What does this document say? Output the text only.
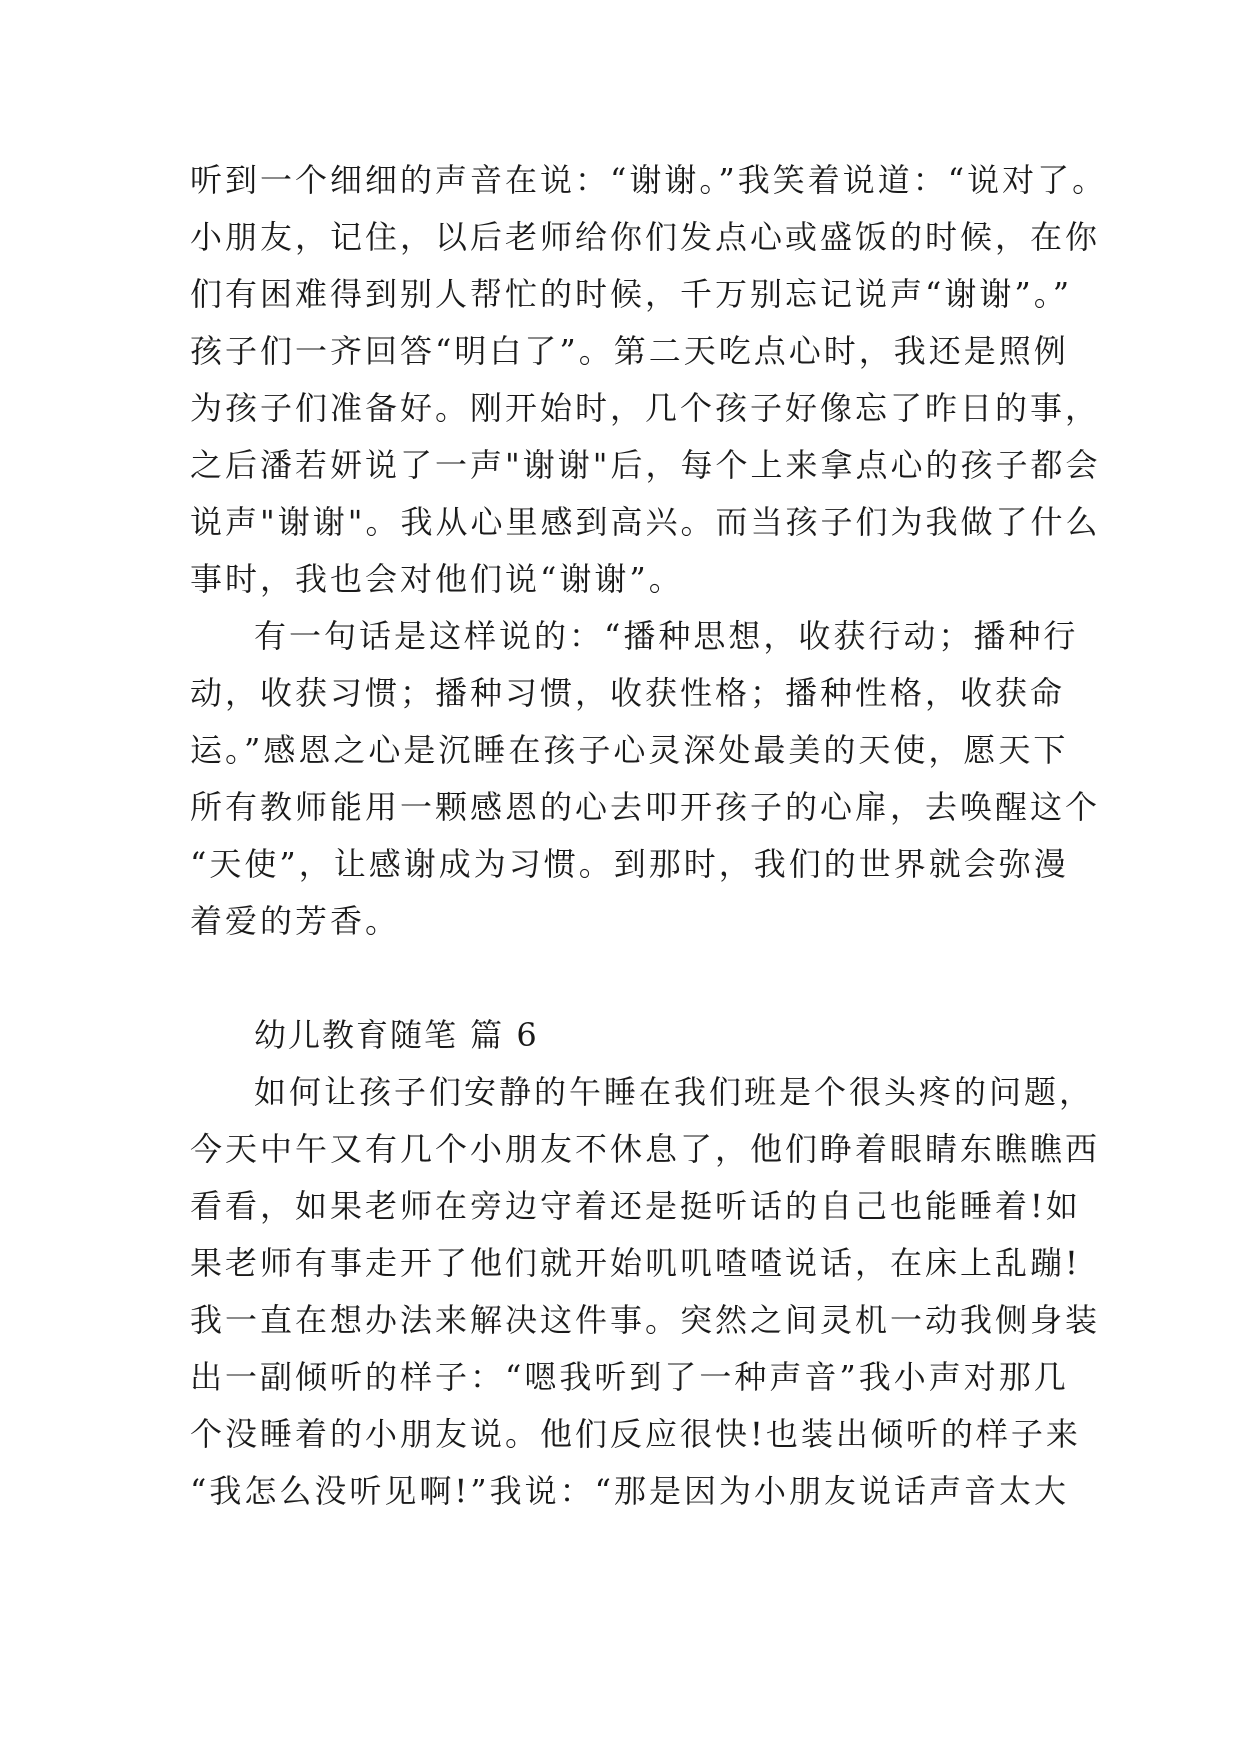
听到一个细细的声音在说：“谢谢。”我笑着说道：“说对了。
小朋友，记住，以后老师给你们发点心或盛饭的时候，在你
们有困难得到别人帮忙的时候，千万别忘记说声“谢谢”。”
孩子们一齐回答“明白了”。第二天吃点心时，我还是照例
为孩子们准备好。刚开始时，几个孩子好像忘了昨日的事，
之后潘若妍说了一声"谢谢"后，每个上来拿点心的孩子都会
说声"谢谢"。我从心里感到高兴。而当孩子们为我做了什么
事时，我也会对他们说“谢谢”。
有一句话是这样说的：“播种思想，收获行动；播种行
动，收获习惯；播种习惯，收获性格；播种性格，收获命
运。”感恩之心是沉睡在孩子心灵深处最美的天使，愿天下
所有教师能用一颗感恩的心去叩开孩子的心扉，去唤醒这个
“天使”，让感谢成为习惯。到那时，我们的世界就会弥漫
着爱的芳香。
幼儿教育随笔 篇 6
如何让孩子们安静的午睡在我们班是个很头疼的问题，
今天中午又有几个小朋友不休息了，他们睁着眼睛东瞧瞧西
看看，如果老师在旁边守着还是挺听话的自己也能睡着!如
果老师有事走开了他们就开始叽叽喳喳说话，在床上乱蹦!
我一直在想办法来解决这件事。突然之间灵机一动我侧身装
出一副倾听的样子：“嗯我听到了一种声音”我小声对那几
个没睡着的小朋友说。他们反应很快!也装出倾听的样子来
“我怎么没听见啊!”我说：“那是因为小朋友说话声音太大
